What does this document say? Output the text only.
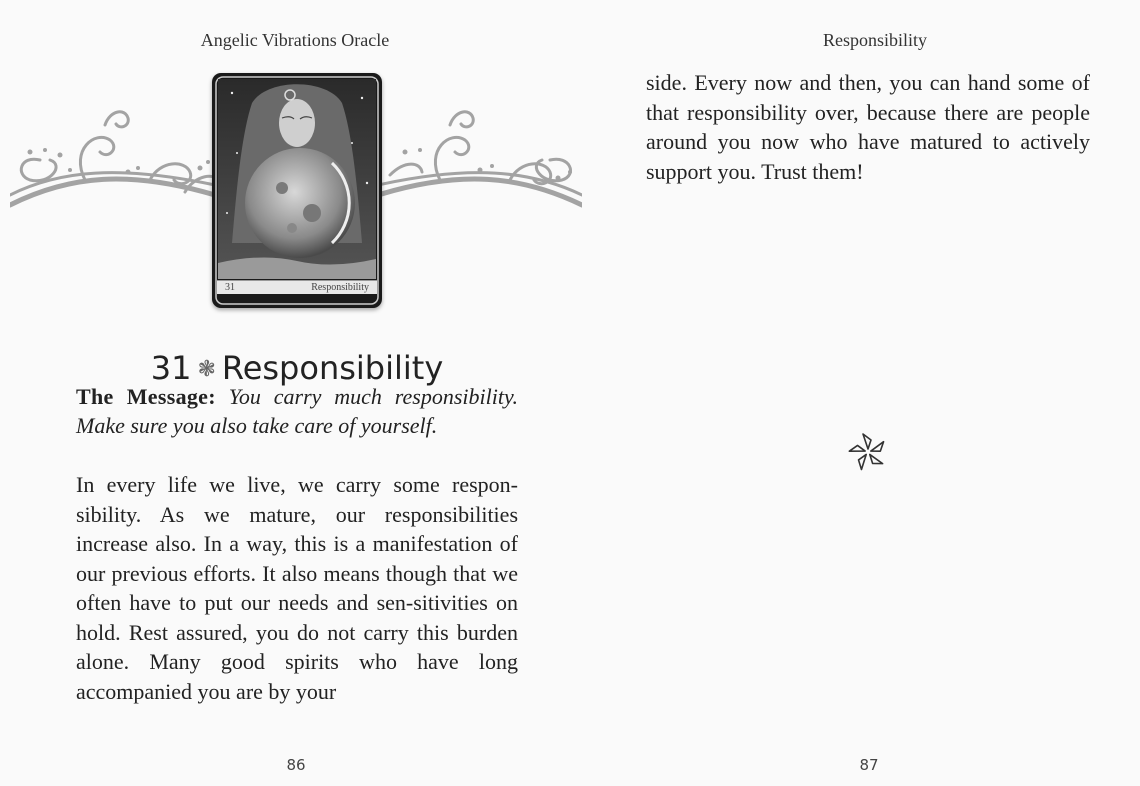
Angelic Vibrations Oracle
31	Responsibility
31 ❃ Responsibility
The Message: You carry much responsibility. Make sure you also take care of yourself.

In every life we live, we carry some respon-sibility. As we mature, our responsibilities increase also. In a way, this is a manifestation of our previous efforts. It also means though that we often have to put our needs and sen-sitivities on hold. Rest assured, you do not carry this burden alone. Many good spirits who have long accompanied you are by your

86
Responsibility

side. Every now and then, you can hand some of that responsibility over, because there are people around you now who have matured to actively support you. Trust them!

87
